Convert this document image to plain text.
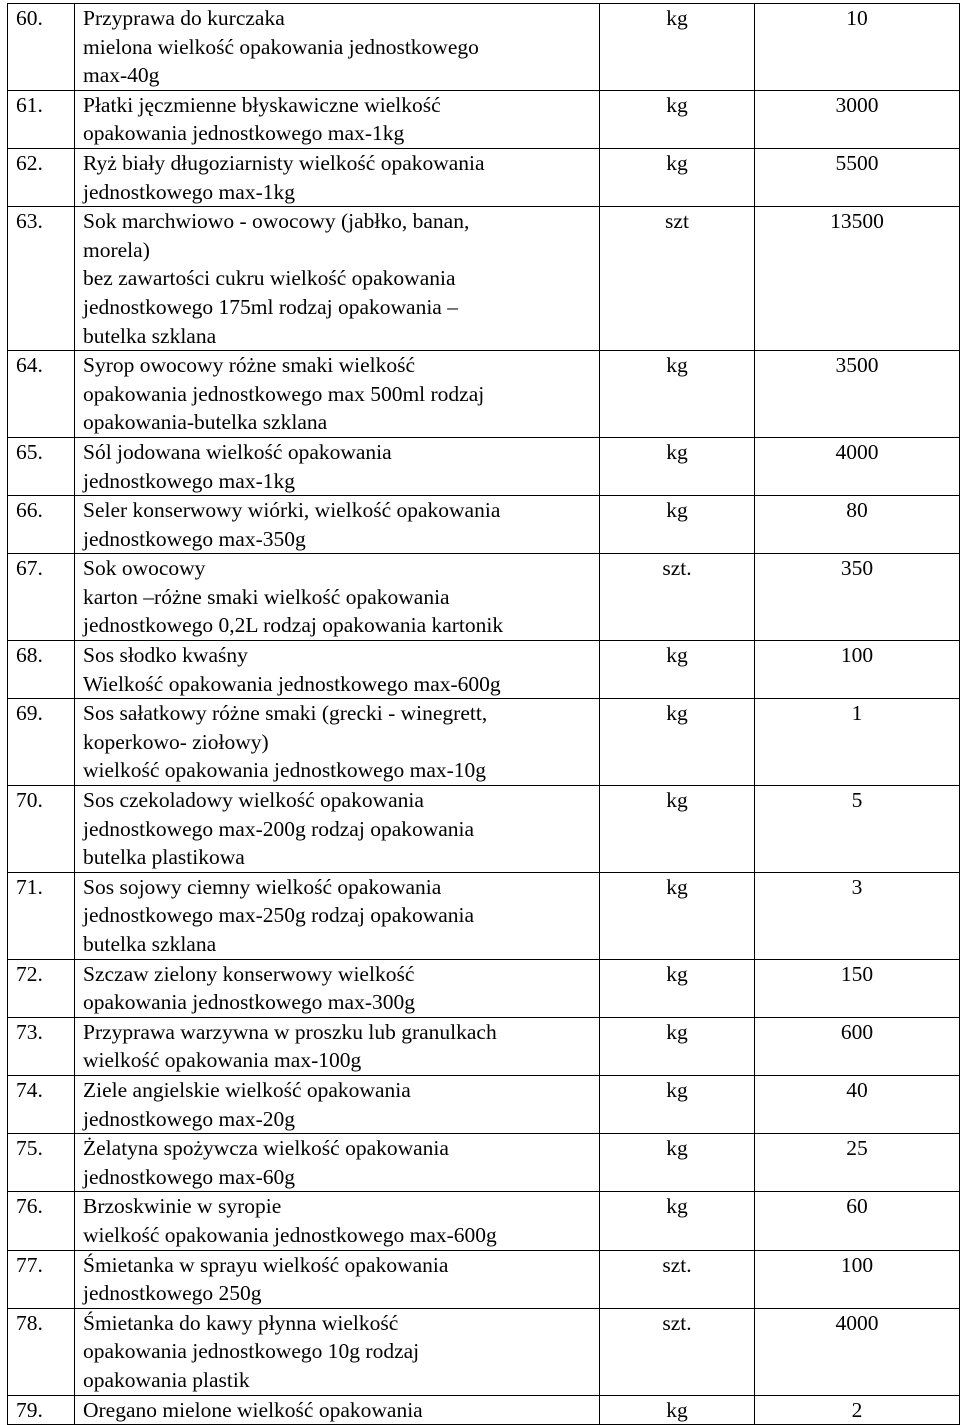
60.	Przyprawa do kurczaka
mielona wielkość opakowania jednostkowego
max-40g	kg	10
61.	Płatki jęczmienne błyskawiczne wielkość
opakowania jednostkowego max-1kg	kg	3000
62.	Ryż biały długoziarnisty wielkość opakowania
jednostkowego max-1kg	kg	5500
63.	Sok marchwiowo - owocowy (jabłko, banan,
morela)
bez zawartości cukru wielkość opakowania
jednostkowego 175ml rodzaj opakowania –
butelka szklana	szt	13500
64.	Syrop owocowy różne smaki wielkość
opakowania jednostkowego max 500ml rodzaj
opakowania-butelka szklana	kg	3500
65.	Sól jodowana wielkość opakowania
jednostkowego max-1kg	kg	4000
66.	Seler konserwowy wiórki, wielkość opakowania
jednostkowego max-350g	kg	80
67.	Sok owocowy
karton –różne smaki wielkość opakowania
jednostkowego 0,2L rodzaj opakowania kartonik	szt.	350
68.	Sos słodko kwaśny
Wielkość opakowania jednostkowego max-600g	kg	100
69.	Sos sałatkowy różne smaki (grecki - winegrett,
koperkowo- ziołowy)
wielkość opakowania jednostkowego max-10g	kg	1
70.	Sos czekoladowy wielkość opakowania
jednostkowego max-200g rodzaj opakowania
butelka plastikowa	kg	5
71.	Sos sojowy ciemny wielkość opakowania
jednostkowego max-250g rodzaj opakowania
butelka szklana	kg	3
72.	Szczaw zielony konserwowy wielkość
opakowania jednostkowego max-300g	kg	150
73.	Przyprawa warzywna w proszku lub granulkach
wielkość opakowania max-100g	kg	600
74.	Ziele angielskie wielkość opakowania
jednostkowego max-20g	kg	40
75.	Żelatyna spożywcza wielkość opakowania
jednostkowego max-60g	kg	25
76.	Brzoskwinie w syropie
wielkość opakowania jednostkowego max-600g	kg	60
77.	Śmietanka w sprayu wielkość opakowania
jednostkowego 250g	szt.	100
78.	Śmietanka do kawy płynna wielkość
opakowania jednostkowego 10g rodzaj
opakowania plastik	szt.	4000
79.	Oregano mielone wielkość opakowania	kg	2
